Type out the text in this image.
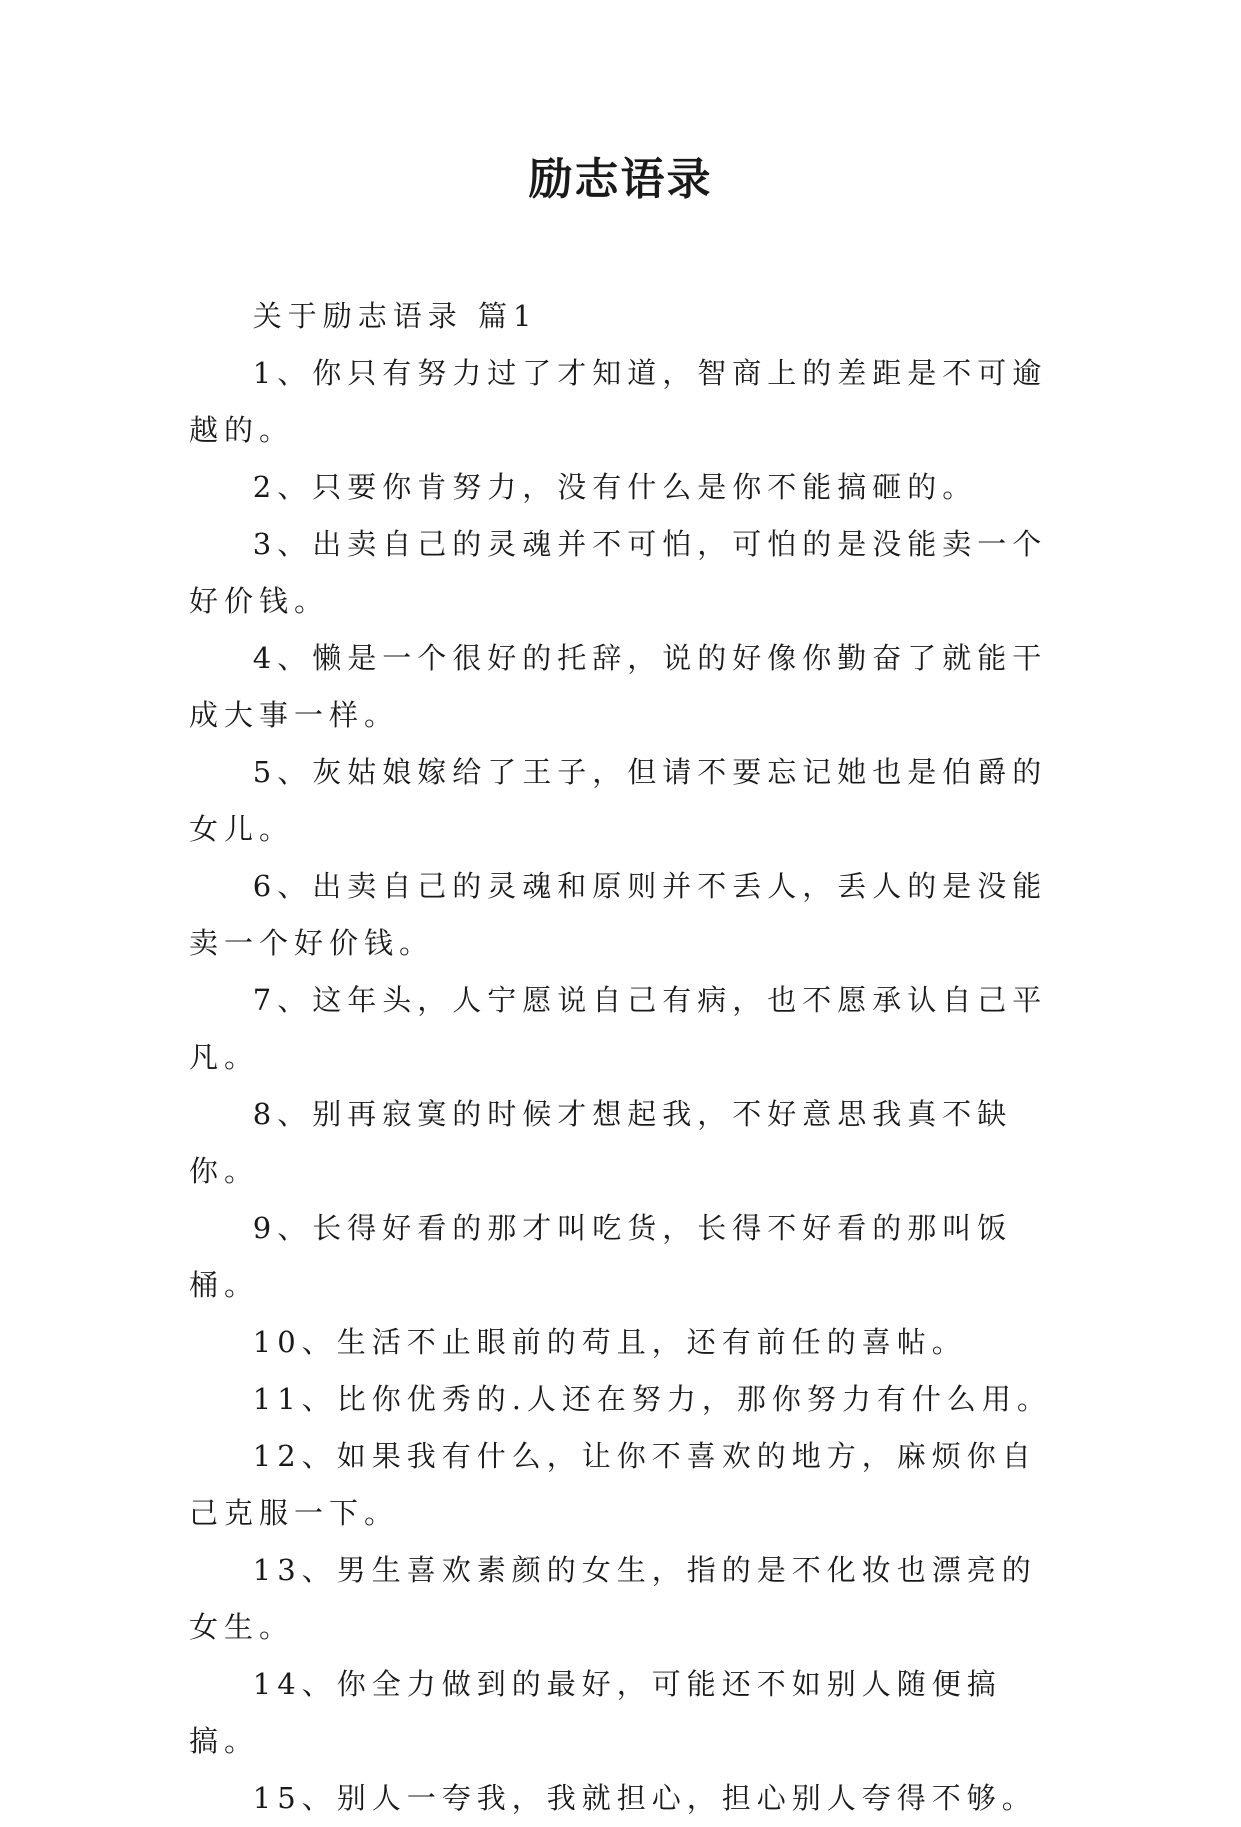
励志语录

关于励志语录 篇1

1、你只有努力过了才知道，智商上的差距是不可逾越的。

2、只要你肯努力，没有什么是你不能搞砸的。

3、出卖自己的灵魂并不可怕，可怕的是没能卖一个好价钱。

4、懒是一个很好的托辞，说的好像你勤奋了就能干成大事一样。

5、灰姑娘嫁给了王子，但请不要忘记她也是伯爵的女儿。

6、出卖自己的灵魂和原则并不丢人，丢人的是没能卖一个好价钱。

7、这年头，人宁愿说自己有病，也不愿承认自己平凡。

8、别再寂寞的时候才想起我，不好意思我真不缺你。

9、长得好看的那才叫吃货，长得不好看的那叫饭桶。

10、生活不止眼前的苟且，还有前任的喜帖。

11、比你优秀的.人还在努力，那你努力有什么用。

12、如果我有什么，让你不喜欢的地方，麻烦你自己克服一下。

13、男生喜欢素颜的女生，指的是不化妆也漂亮的女生。

14、你全力做到的最好，可能还不如别人随便搞搞。

15、别人一夸我，我就担心，担心别人夸得不够。
